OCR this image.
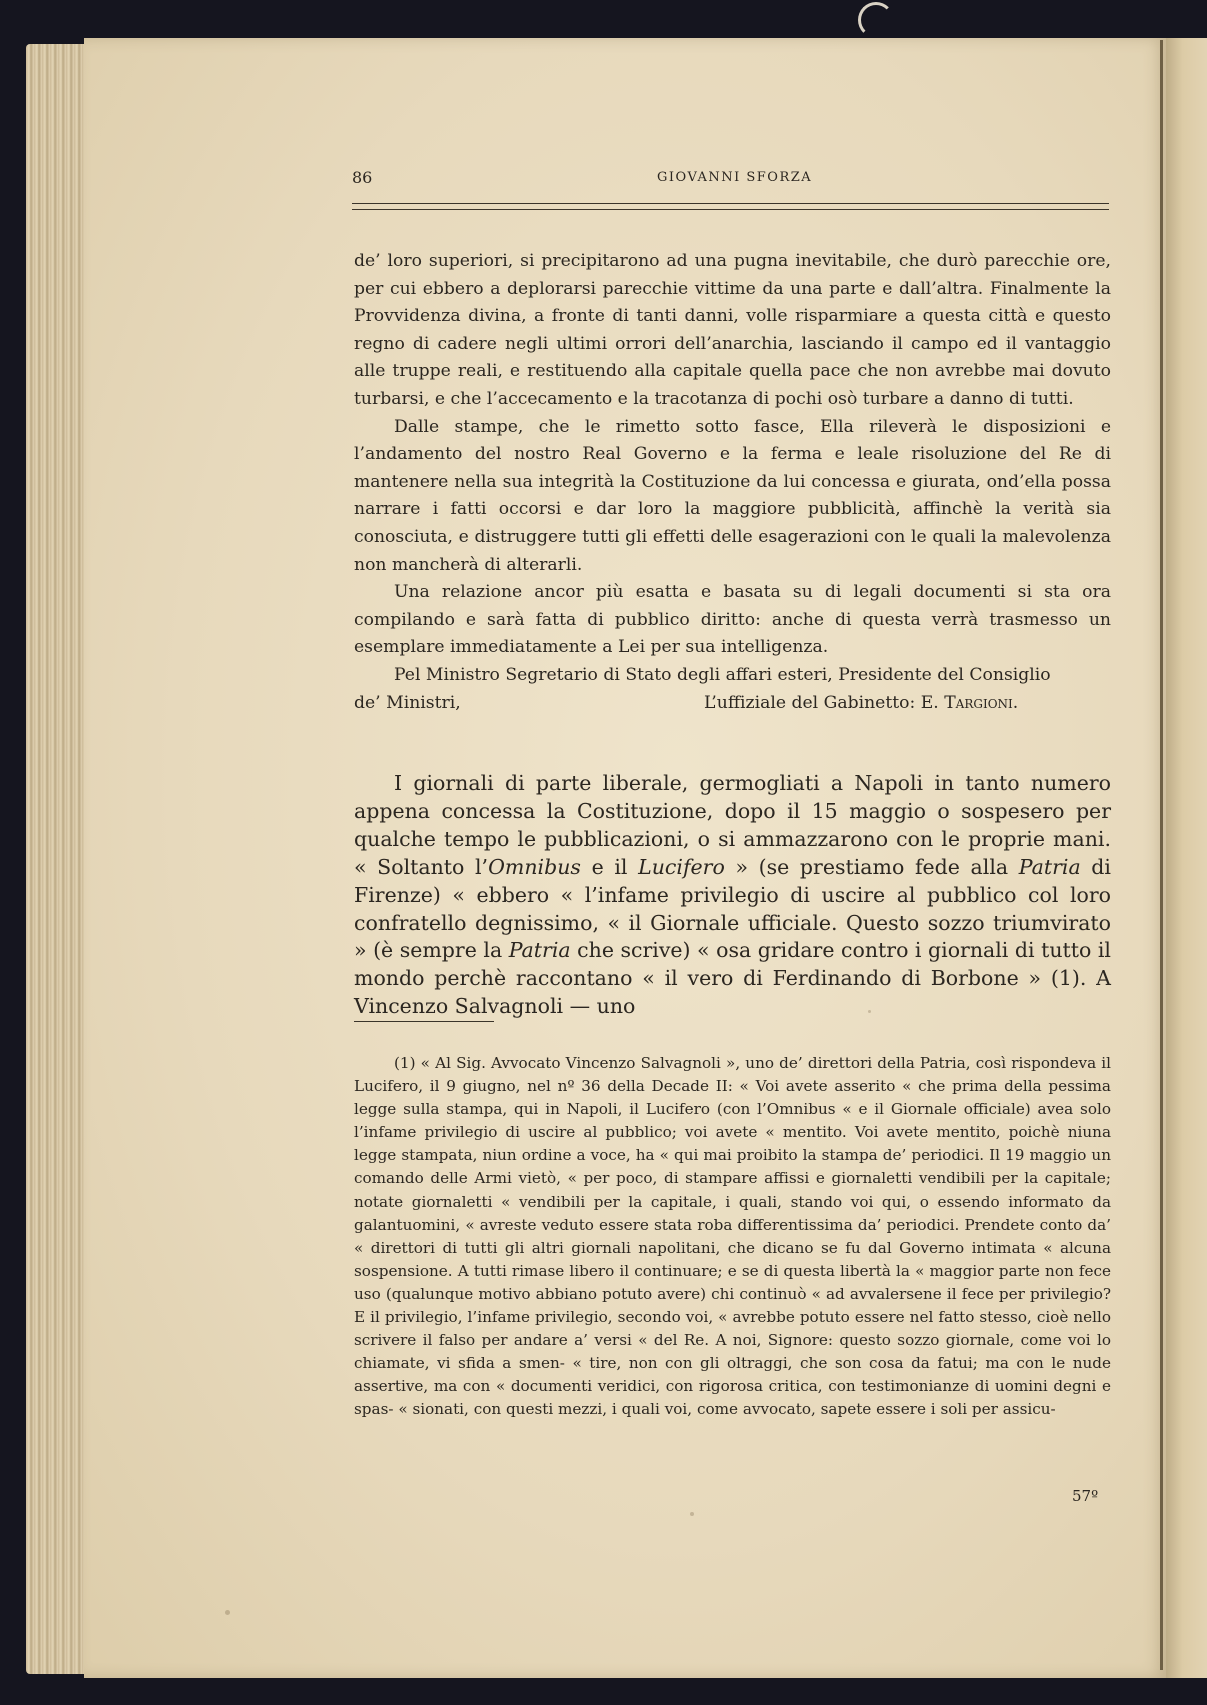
86	GIOVANNI SFORZA

de’ loro superiori, si precipitarono ad una pugna inevitabile, che durò parecchie ore, per cui ebbero a deplorarsi parecchie vittime da una parte e dall’altra. Finalmente la Provvidenza divina, a fronte di tanti danni, volle risparmiare a questa città e questo regno di cadere negli ultimi orrori dell’anarchia, lasciando il campo ed il vantaggio alle truppe reali, e restituendo alla capitale quella pace che non avrebbe mai dovuto turbarsi, e che l’accecamento e la tracotanza di pochi osò turbare a danno di tutti.

Dalle stampe, che le rimetto sotto fasce, Ella rileverà le disposizioni e l’andamento del nostro Real Governo e la ferma e leale risoluzione del Re di mantenere nella sua integrità la Costituzione da lui concessa e giurata, ond’ella possa narrare i fatti occorsi e dar loro la maggiore pubblicità, affinchè la verità sia conosciuta, e distruggere tutti gli effetti delle esagerazioni con le quali la malevolenza non mancherà di alterarli.

Una relazione ancor più esatta e basata su di legali documenti si sta ora compilando e sarà fatta di pubblico diritto: anche di questa verrà trasmesso un esemplare immediatamente a Lei per sua intelligenza.

Pel Ministro Segretario di Stato degli affari esteri, Presidente del Consiglio

de’ Ministri,	L’uffiziale del Gabinetto: E. Targioni.

I giornali di parte liberale, germogliati a Napoli in tanto numero appena concessa la Costituzione, dopo il 15 maggio o sospesero per qualche tempo le pubblicazioni, o si ammazzarono con le proprie mani. « Soltanto l’Omnibus e il Lucifero » (se prestiamo fede alla Patria di Firenze) « ebbero « l’infame privilegio di uscire al pubblico col loro confratello degnissimo, « il Giornale ufficiale. Questo sozzo triumvirato » (è sempre la Patria che scrive) « osa gridare contro i giornali di tutto il mondo perchè raccontano « il vero di Ferdinando di Borbone » (1). A Vincenzo Salvagnoli — uno

(1) « Al Sig. Avvocato Vincenzo Salvagnoli », uno de’ direttori della Patria, così rispondeva il Lucifero, il 9 giugno, nel nº 36 della Decade II: « Voi avete asserito « che prima della pessima legge sulla stampa, qui in Napoli, il Lucifero (con l’Omnibus « e il Giornale officiale) avea solo l’infame privilegio di uscire al pubblico; voi avete « mentito. Voi avete mentito, poichè niuna legge stampata, niun ordine a voce, ha « qui mai proibito la stampa de’ periodici. Il 19 maggio un comando delle Armi vietò, « per poco, di stampare affissi e giornaletti vendibili per la capitale; notate giornaletti « vendibili per la capitale, i quali, stando voi qui, o essendo informato da galantuomini, « avreste veduto essere stata roba differentissima da’ periodici. Prendete conto da’ « direttori di tutti gli altri giornali napolitani, che dicano se fu dal Governo intimata « alcuna sospensione. A tutti rimase libero il continuare; e se di questa libertà la « maggior parte non fece uso (qualunque motivo abbiano potuto avere) chi continuò « ad avvalersene il fece per privilegio? E il privilegio, l’infame privilegio, secondo voi, « avrebbe potuto essere nel fatto stesso, cioè nello scrivere il falso per andare a’ versi « del Re. A noi, Signore: questo sozzo giornale, come voi lo chiamate, vi sfida a smen- « tire, non con gli oltraggi, che son cosa da fatui; ma con le nude assertive, ma con « documenti veridici, con rigorosa critica, con testimonianze di uomini degni e spas- « sionati, con questi mezzi, i quali voi, come avvocato, sapete essere i soli per assicu-

57º
